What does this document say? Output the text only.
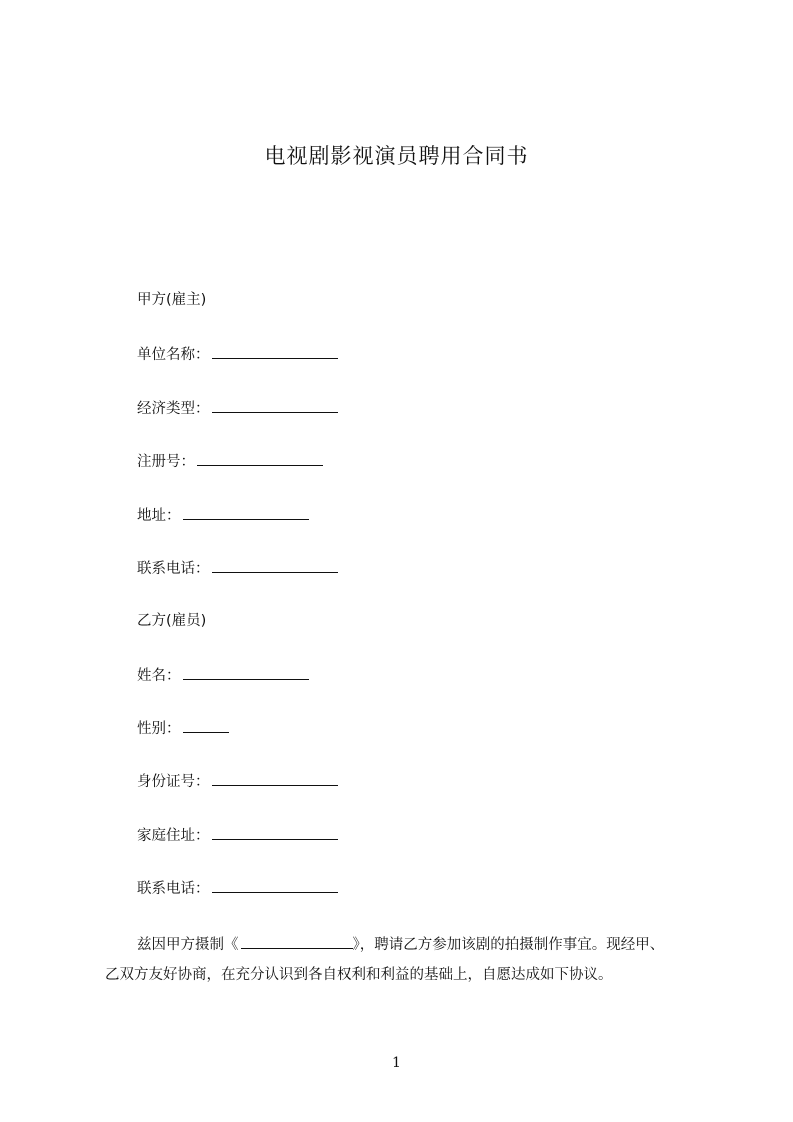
电视剧影视演员聘用合同书
甲方(雇主)
单位名称：
经济类型：
注册号：
地址：
联系电话：
乙方(雇员)
姓名：
性别：
身份证号：
家庭住址：
联系电话：
兹因甲方摄制《	》，聘请乙方参加该剧的拍摄制作事宜。现经甲、
乙双方友好协商，在充分认识到各自权利和利益的基础上，自愿达成如下协议。
1
